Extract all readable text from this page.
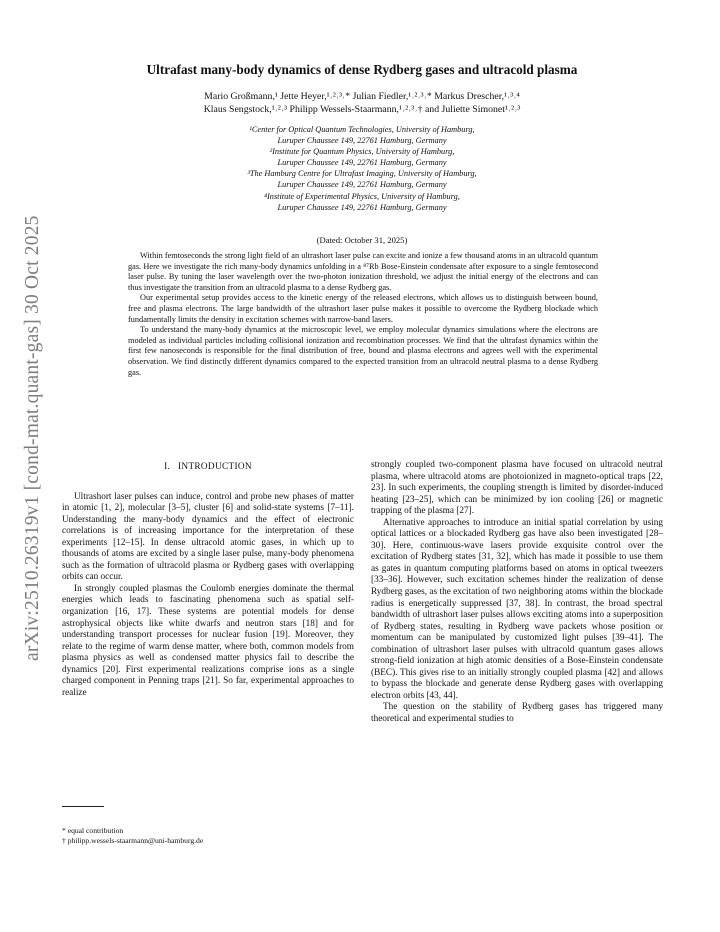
arXiv:2510.26319v1 [cond-mat.quant-gas] 30 Oct 2025
Ultrafast many-body dynamics of dense Rydberg gases and ultracold plasma
Mario Großmann,¹ Jette Heyer,¹˒²˒³˒* Julian Fiedler,¹˒²˒³˒* Markus Drescher,¹˒³˒⁴
Klaus Sengstock,¹˒²˒³ Philipp Wessels-Staarmann,¹˒²˒³˒† and Juliette Simonet¹˒²˒³
¹Center for Optical Quantum Technologies, University of Hamburg,
Luruper Chaussee 149, 22761 Hamburg, Germany
²Institute for Quantum Physics, University of Hamburg,
Luruper Chaussee 149, 22761 Hamburg, Germany
³The Hamburg Centre for Ultrafast Imaging, University of Hamburg,
Luruper Chaussee 149, 22761 Hamburg, Germany
⁴Institute of Experimental Physics, University of Hamburg,
Luruper Chaussee 149, 22761 Hamburg, Germany
(Dated: October 31, 2025)

Within femtoseconds the strong light field of an ultrashort laser pulse can excite and ionize a few thousand atoms in an ultracold quantum gas. Here we investigate the rich many-body dynamics unfolding in a ⁸⁷Rb Bose-Einstein condensate after exposure to a single femtosecond laser pulse. By tuning the laser wavelength over the two-photon ionization threshold, we adjust the initial energy of the electrons and can thus investigate the transition from an ultracold plasma to a dense Rydberg gas.

Our experimental setup provides access to the kinetic energy of the released electrons, which allows us to distinguish between bound, free and plasma electrons. The large bandwidth of the ultrashort laser pulse makes it possible to overcome the Rydberg blockade which fundamentally limits the density in excitation schemes with narrow-band lasers.

To understand the many-body dynamics at the microscopic level, we employ molecular dynamics simulations where the electrons are modeled as individual particles including collisional ionization and recombination processes. We find that the ultrafast dynamics within the first few nanoseconds is responsible for the final distribution of free, bound and plasma electrons and agrees well with the experimental observation. We find distinctly different dynamics compared to the expected transition from an ultracold neutral plasma to a dense Rydberg gas.

I. INTRODUCTION

Ultrashort laser pulses can induce, control and probe new phases of matter in atomic [1, 2], molecular [3–5], cluster [6] and solid-state systems [7–11]. Understanding the many-body dynamics and the effect of electronic correlations is of increasing importance for the interpretation of these experiments [12–15]. In dense ultracold atomic gases, in which up to thousands of atoms are excited by a single laser pulse, many-body phenomena such as the formation of ultracold plasma or Rydberg gases with overlapping orbits can occur.

In strongly coupled plasmas the Coulomb energies dominate the thermal energies which leads to fascinating phenomena such as spatial self-organization [16, 17]. These systems are potential models for dense astrophysical objects like white dwarfs and neutron stars [18] and for understanding transport processes for nuclear fusion [19]. Moreover, they relate to the regime of warm dense matter, where both, common models from plasma physics as well as condensed matter physics fail to describe the dynamics [20]. First experimental realizations comprise ions as a single charged component in Penning traps [21]. So far, experimental approaches to realize

strongly coupled two-component plasma have focused on ultracold neutral plasma, where ultracold atoms are photoionized in magneto-optical traps [22, 23]. In such experiments, the coupling strength is limited by disorder-induced heating [23–25], which can be minimized by ion cooling [26] or magnetic trapping of the plasma [27].

Alternative approaches to introduce an initial spatial correlation by using optical lattices or a blockaded Rydberg gas have also been investigated [28–30]. Here, continuous-wave lasers provide exquisite control over the excitation of Rydberg states [31, 32], which has made it possible to use them as gates in quantum computing platforms based on atoms in optical tweezers [33–36]. However, such excitation schemes hinder the realization of dense Rydberg gases, as the excitation of two neighboring atoms within the blockade radius is energetically suppressed [37, 38]. In contrast, the broad spectral bandwidth of ultrashort laser pulses allows exciting atoms into a superposition of Rydberg states, resulting in Rydberg wave packets whose position or momentum can be manipulated by customized light pulses [39–41]. The combination of ultrashort laser pulses with ultracold quantum gases allows strong-field ionization at high atomic densities of a Bose-Einstein condensate (BEC). This gives rise to an initially strongly coupled plasma [42] and allows to bypass the blockade and generate dense Rydberg gases with overlapping electron orbits [43, 44].

The question on the stability of Rydberg gases has triggered many theoretical and experimental studies to

* equal contribution
† philipp.wessels-staarmann@uni-hamburg.de
